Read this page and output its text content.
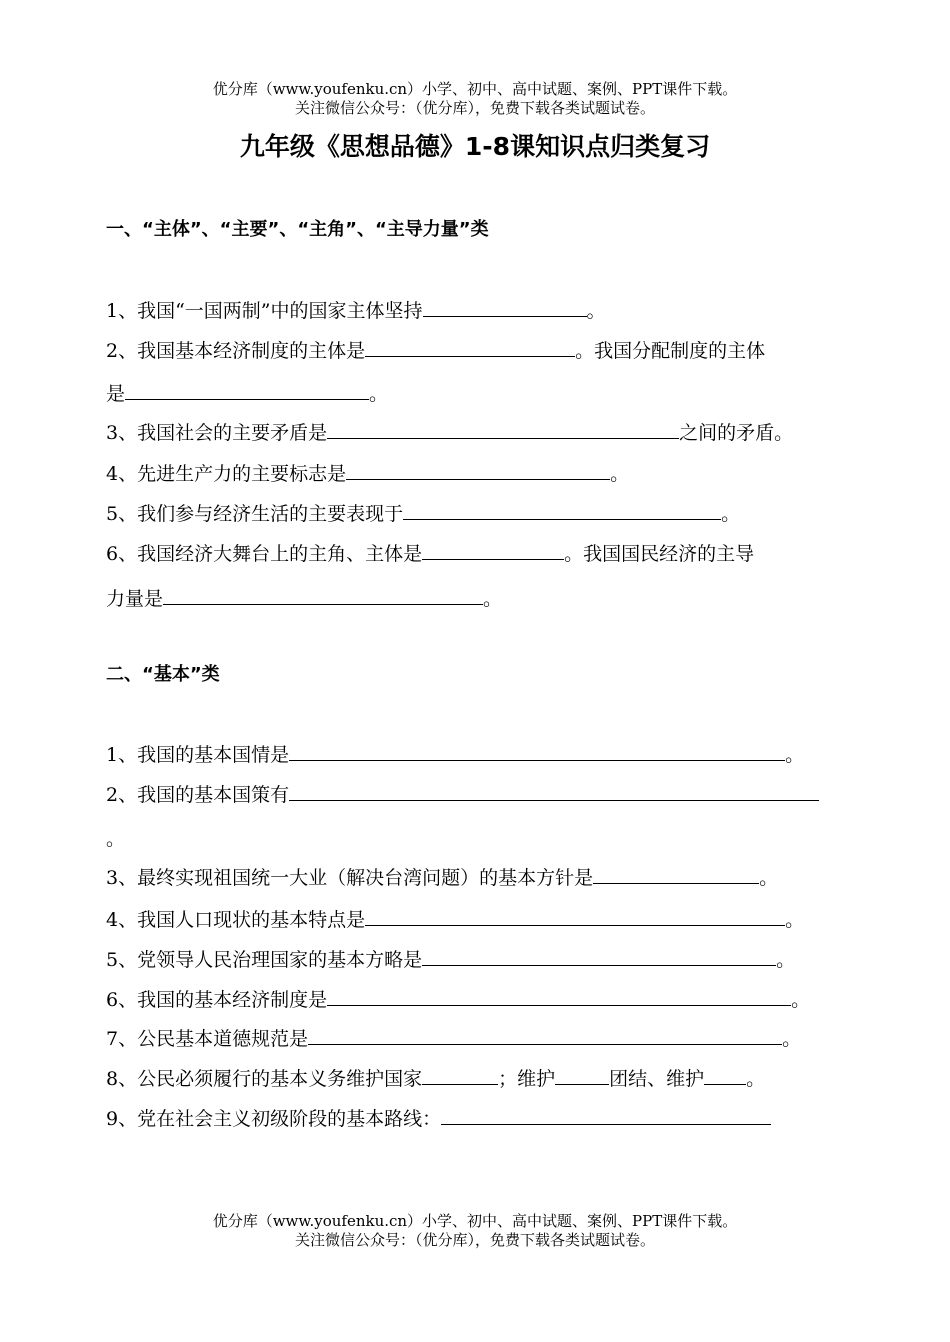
优分库（www.youfenku.cn）小学、初中、高中试题、案例、PPT课件下载。
关注微信公众号：（优分库），免费下载各类试题试卷。
九年级《思想品德》1-8课知识点归类复习
一、“主体”、“主要”、“主角”、“主导力量”类
1、我国“一国两制”中的国家主体坚持	。
2、我国基本经济制度的主体是	。我国分配制度的主体
是	。
3、我国社会的主要矛盾是	之间的矛盾。
4、先进生产力的主要标志是	。
5、我们参与经济生活的主要表现于	。
6、我国经济大舞台上的主角、主体是	。我国国民经济的主导
力量是	。
二、“基本”类
1、我国的基本国情是	。
2、我国的基本国策有
。
3、最终实现祖国统一大业（解决台湾问题）的基本方针是	。
4、我国人口现状的基本特点是	。
5、党领导人民治理国家的基本方略是	。
6、我国的基本经济制度是	。
7、公民基本道德规范是	。
8、公民必须履行的基本义务维护国家	；维护	团结、维护 。
9、党在社会主义初级阶段的基本路线：
优分库（www.youfenku.cn）小学、初中、高中试题、案例、PPT课件下载。
关注微信公众号：（优分库），免费下载各类试题试卷。
